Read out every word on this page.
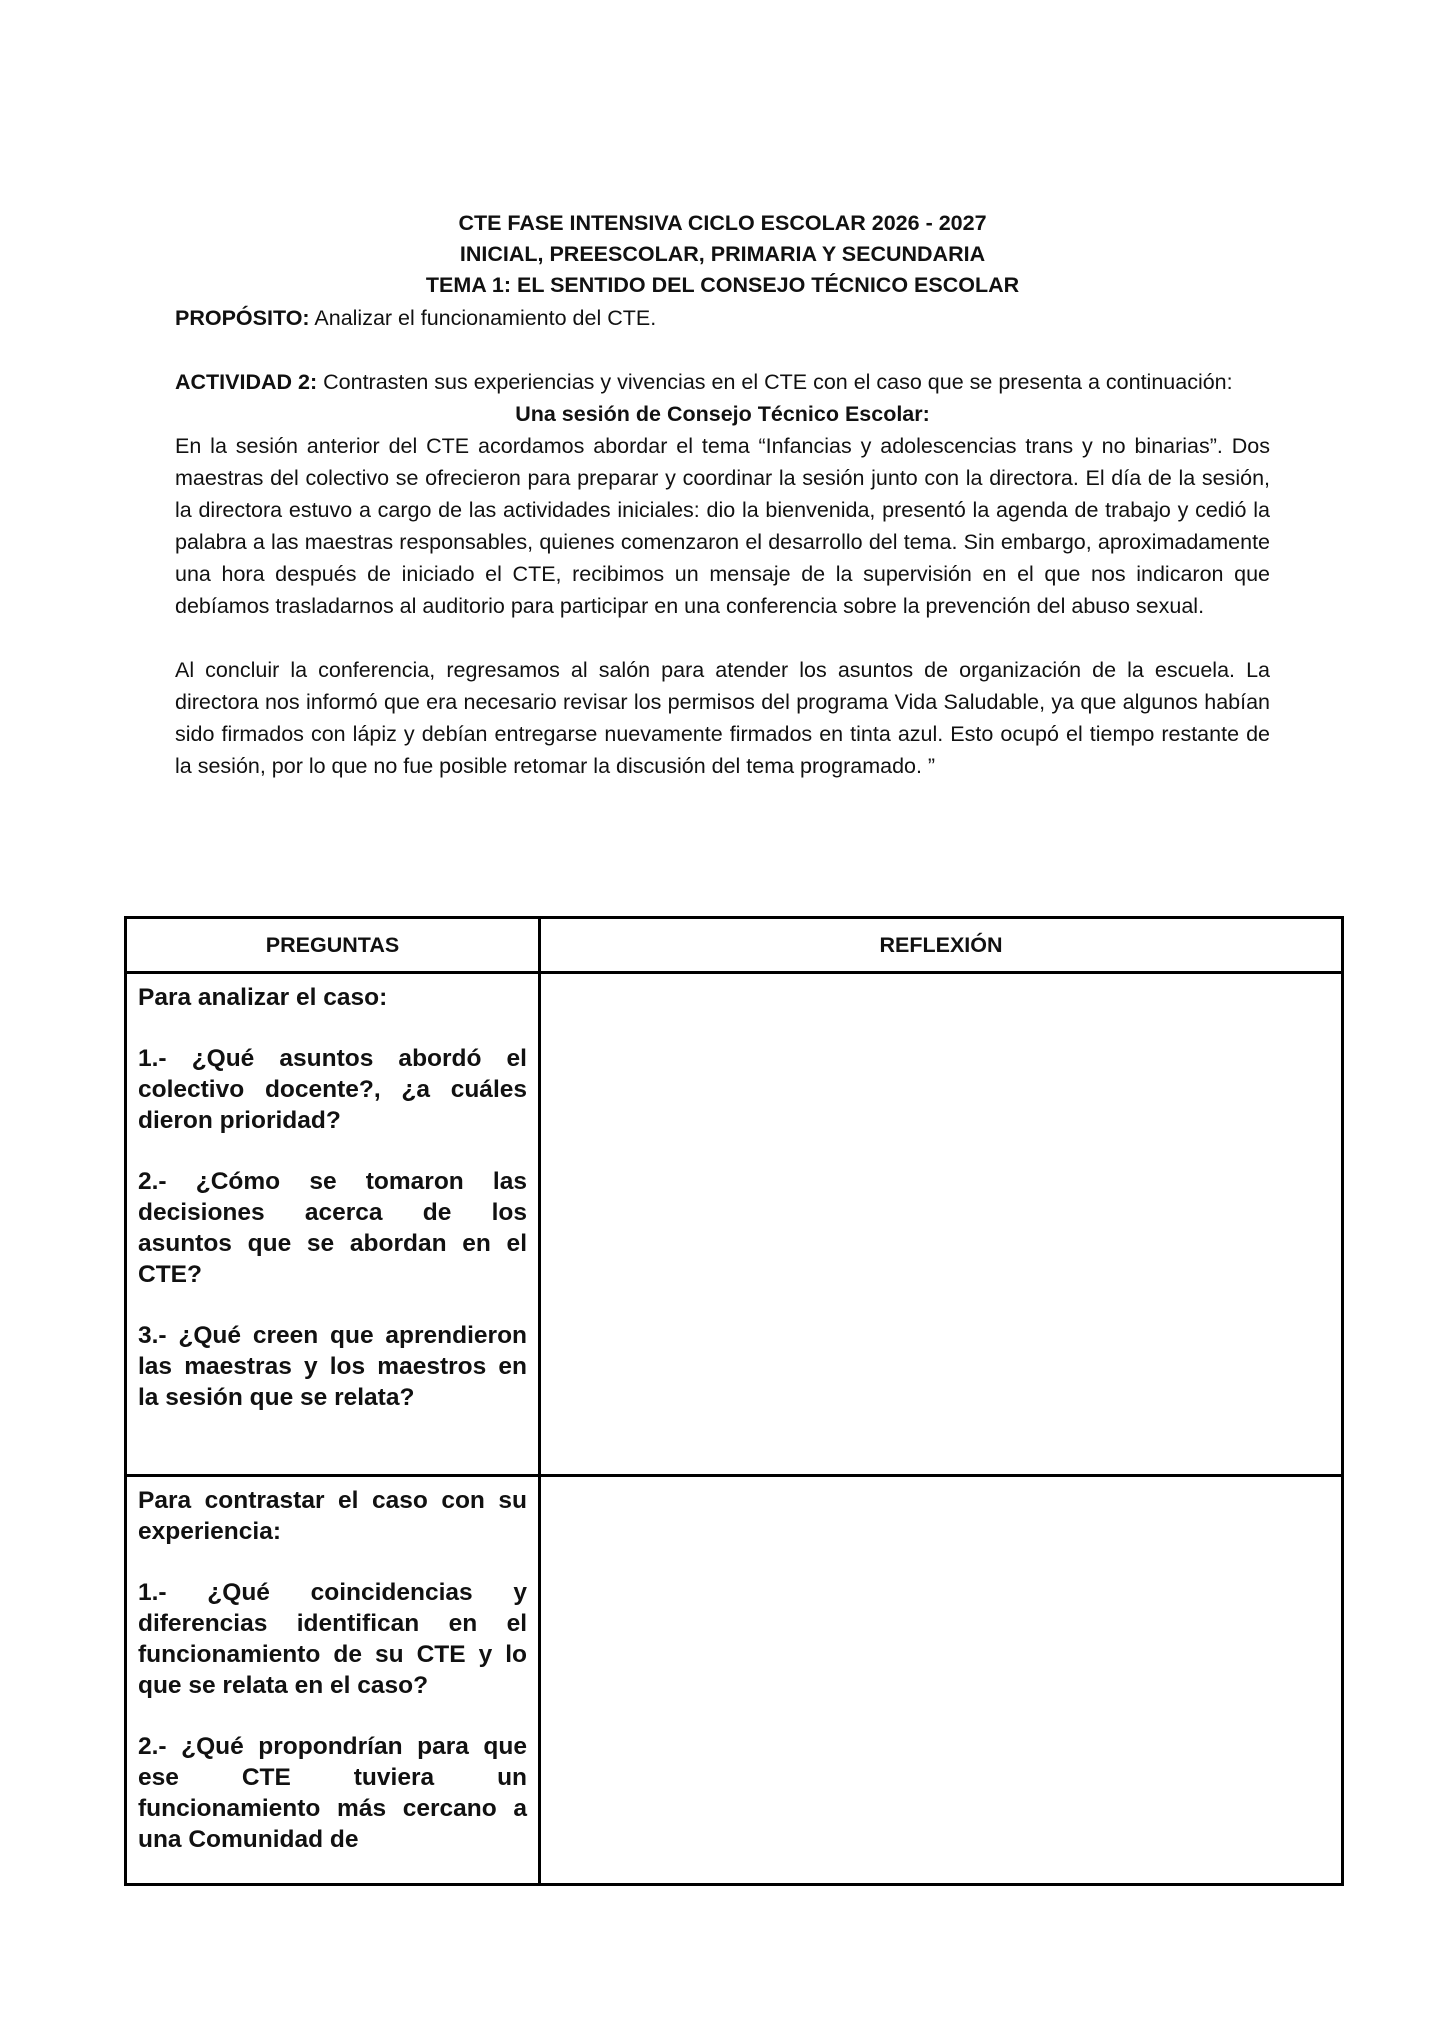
CTE FASE INTENSIVA CICLO ESCOLAR 2026 - 2027
INICIAL, PREESCOLAR, PRIMARIA Y SECUNDARIA
TEMA 1: EL SENTIDO DEL CONSEJO TÉCNICO ESCOLAR

PROPÓSITO: Analizar el funcionamiento del CTE.

ACTIVIDAD 2: Contrasten sus experiencias y vivencias en el CTE con el caso que se presenta a continuación:

Una sesión de Consejo Técnico Escolar:

En la sesión anterior del CTE acordamos abordar el tema “Infancias y adolescencias trans y no binarias”. Dos maestras del colectivo se ofrecieron para preparar y coordinar la sesión junto con la directora. El día de la sesión, la directora estuvo a cargo de las actividades iniciales: dio la bienvenida, presentó la agenda de trabajo y cedió la palabra a las maestras responsables, quienes comenzaron el desarrollo del tema. Sin embargo, aproximadamente una hora después de iniciado el CTE, recibimos un mensaje de la supervisión en el que nos indicaron que debíamos trasladarnos al auditorio para participar en una conferencia sobre la prevención del abuso sexual.

Al concluir la conferencia, regresamos al salón para atender los asuntos de organización de la escuela. La directora nos informó que era necesario revisar los permisos del programa Vida Saludable, ya que algunos habían sido firmados con lápiz y debían entregarse nuevamente firmados en tinta azul. Esto ocupó el tiempo restante de la sesión, por lo que no fue posible retomar la discusión del tema programado. ”

PREGUNTAS	REFLEXIÓN

Para analizar el caso:

1.- ¿Qué asuntos abordó el colectivo docente?, ¿a cuáles dieron prioridad?

2.- ¿Cómo se tomaron las decisiones acerca de los asuntos que se abordan en el CTE?

3.- ¿Qué creen que aprendieron las maestras y los maestros en la sesión que se relata?	

Para contrastar el caso con su experiencia:

1.- ¿Qué coincidencias y diferencias identifican en el funcionamiento de su CTE y lo que se relata en el caso?

2.- ¿Qué propondrían para que ese CTE tuviera un funcionamiento más cercano a una Comunidad de	
